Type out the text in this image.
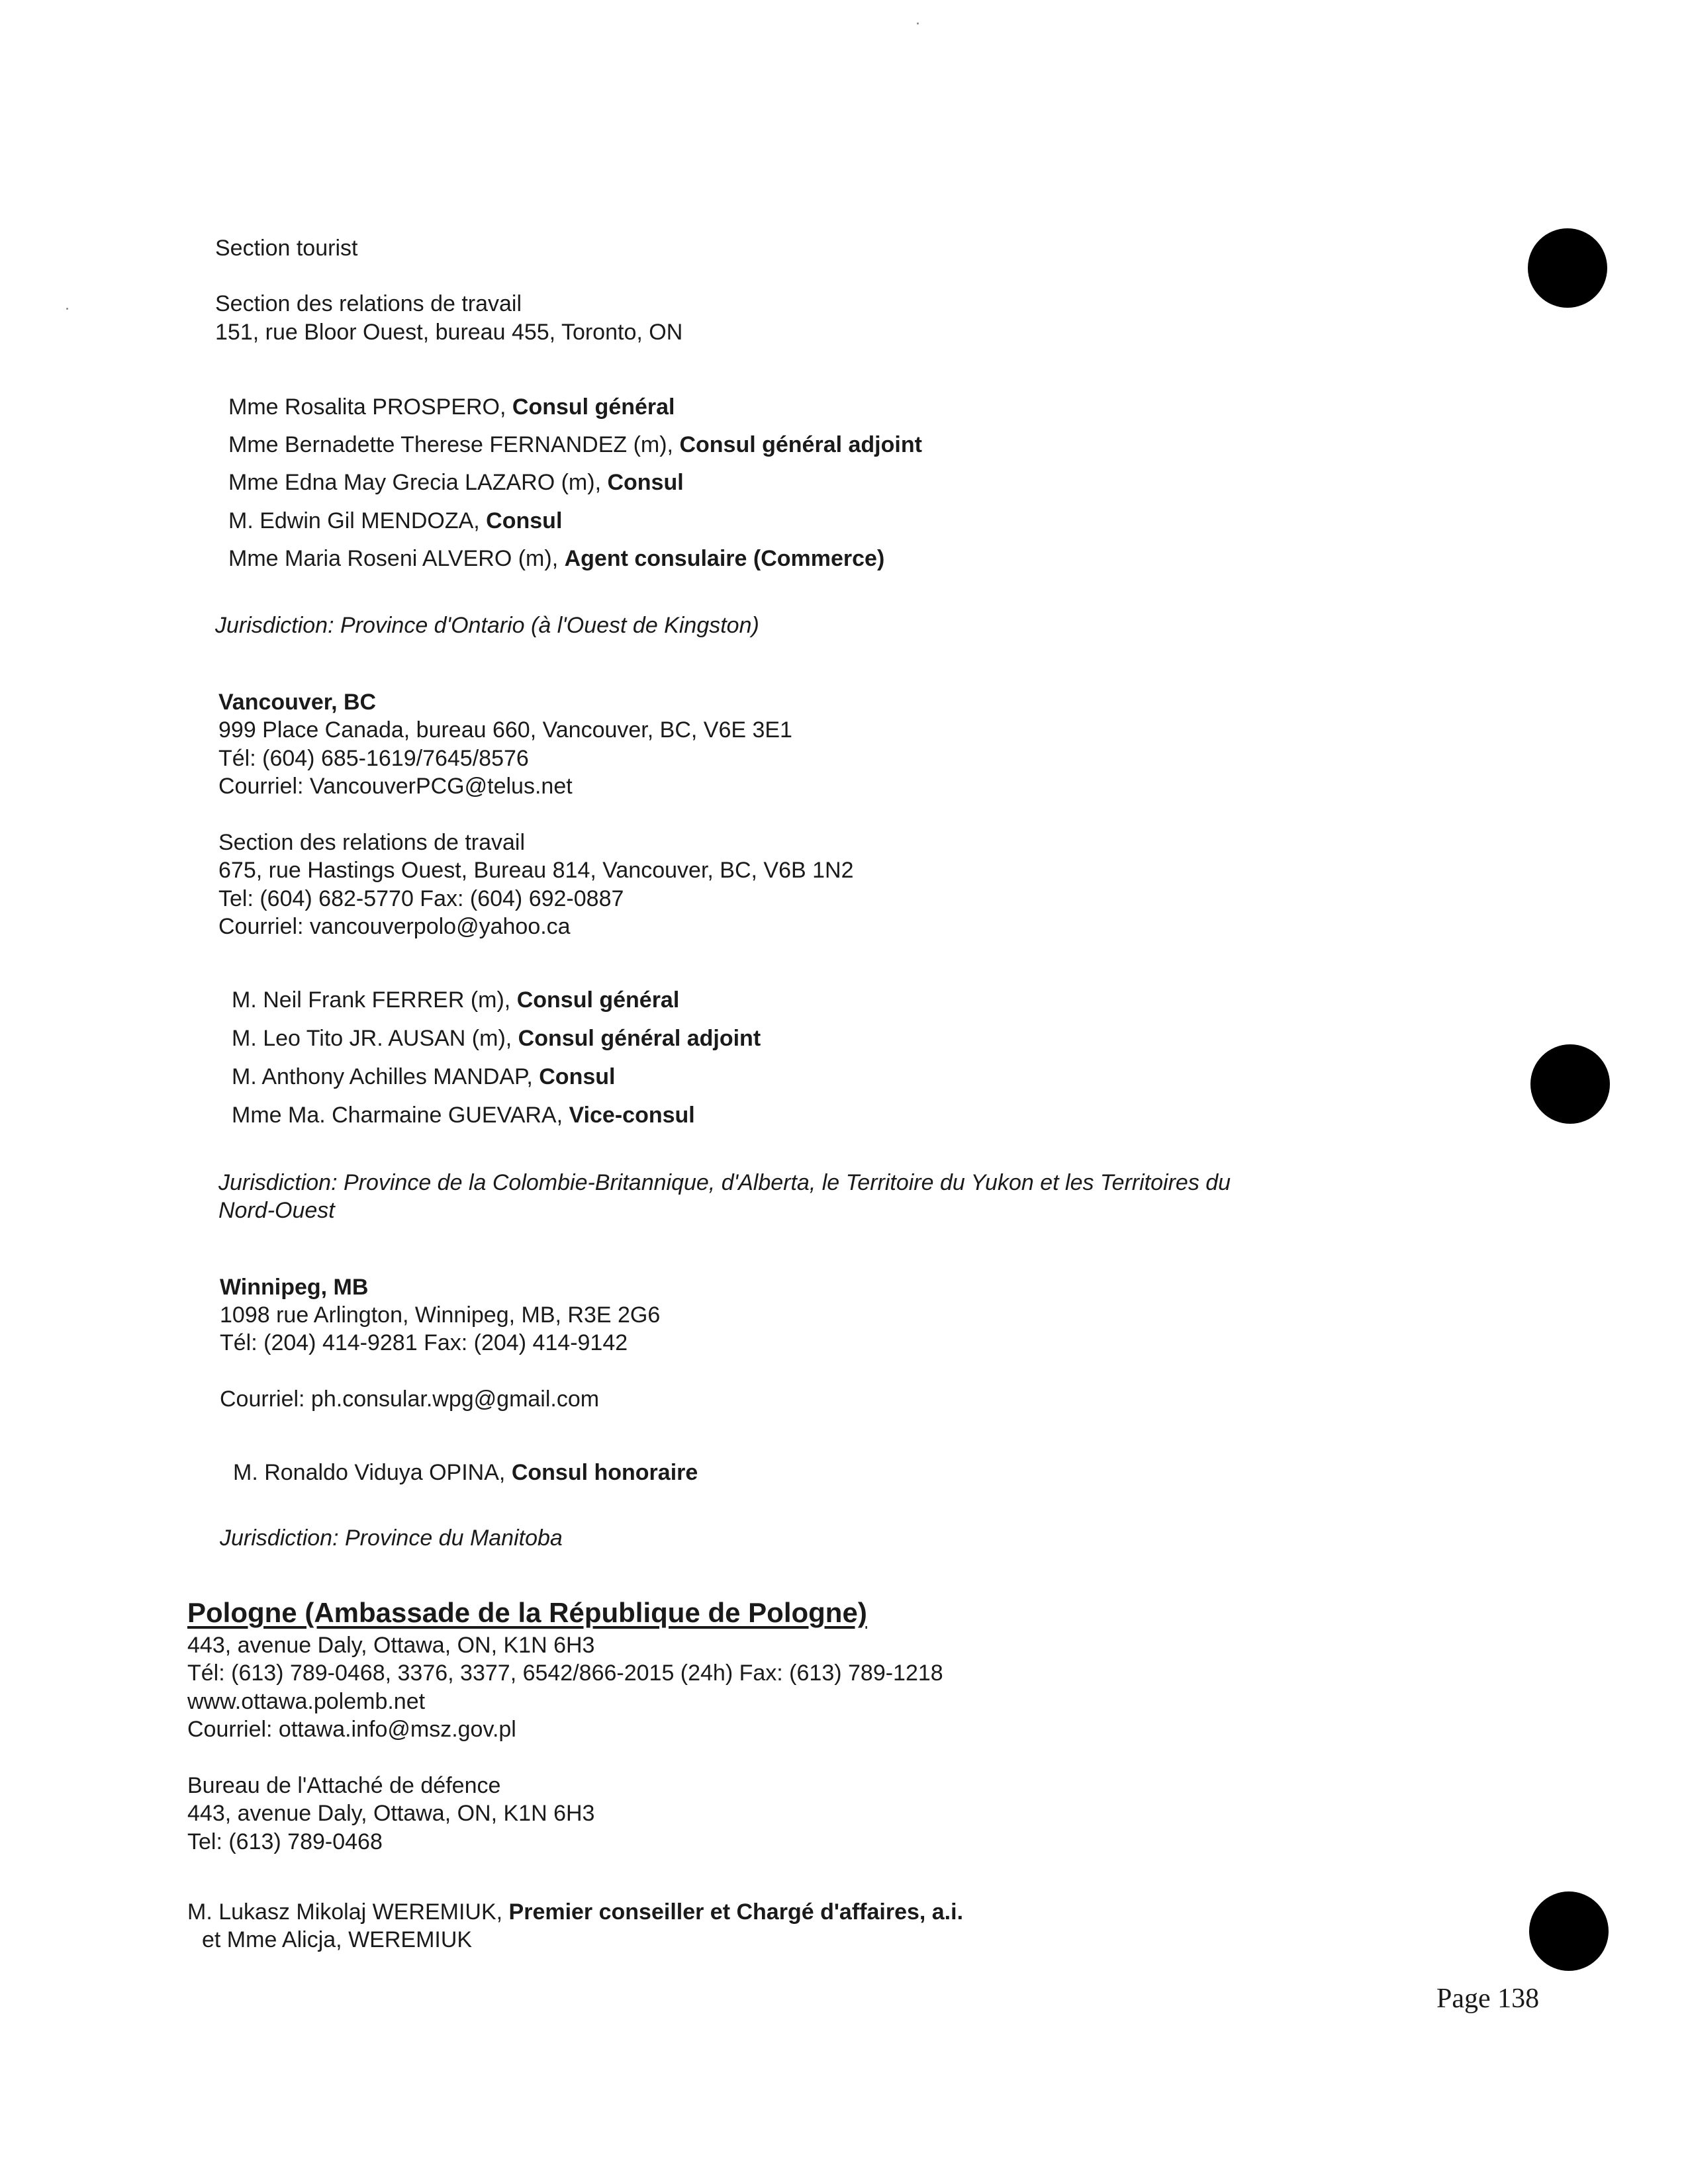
Section tourist
Section des relations de travail
151, rue Bloor Ouest, bureau 455, Toronto, ON
Mme Rosalita PROSPERO, Consul général
Mme Bernadette Therese FERNANDEZ (m), Consul général adjoint
Mme Edna May Grecia LAZARO (m), Consul
M. Edwin Gil MENDOZA, Consul
Mme Maria Roseni ALVERO (m), Agent consulaire (Commerce)
Jurisdiction: Province d'Ontario (à l'Ouest de Kingston)
Vancouver, BC
999 Place Canada, bureau 660, Vancouver, BC, V6E 3E1
Tél: (604) 685-1619/7645/8576
Courriel: VancouverPCG@telus.net
Section des relations de travail
675, rue Hastings Ouest, Bureau 814, Vancouver, BC, V6B 1N2
Tel: (604) 682-5770 Fax: (604) 692-0887
Courriel: vancouverpolo@yahoo.ca
M. Neil Frank FERRER (m), Consul général
M. Leo Tito JR. AUSAN (m), Consul général adjoint
M. Anthony Achilles MANDAP, Consul
Mme Ma. Charmaine GUEVARA, Vice-consul
Jurisdiction: Province de la Colombie-Britannique, d'Alberta, le Territoire du Yukon et les Territoires du
Nord-Ouest
Winnipeg, MB
1098 rue Arlington, Winnipeg, MB, R3E 2G6
Tél: (204) 414-9281 Fax: (204) 414-9142
Courriel: ph.consular.wpg@gmail.com
M. Ronaldo Viduya OPINA, Consul honoraire
Jurisdiction: Province du Manitoba
Pologne (Ambassade de la République de Pologne)
443, avenue Daly, Ottawa, ON, K1N 6H3
Tél: (613) 789-0468, 3376, 3377, 6542/866-2015 (24h) Fax: (613) 789-1218
www.ottawa.polemb.net
Courriel: ottawa.info@msz.gov.pl
Bureau de l'Attaché de défence
443, avenue Daly, Ottawa, ON, K1N 6H3
Tel: (613) 789-0468
M. Lukasz Mikolaj WEREMIUK, Premier conseiller et Chargé d'affaires, a.i.
et Mme Alicja, WEREMIUK
Page 138
